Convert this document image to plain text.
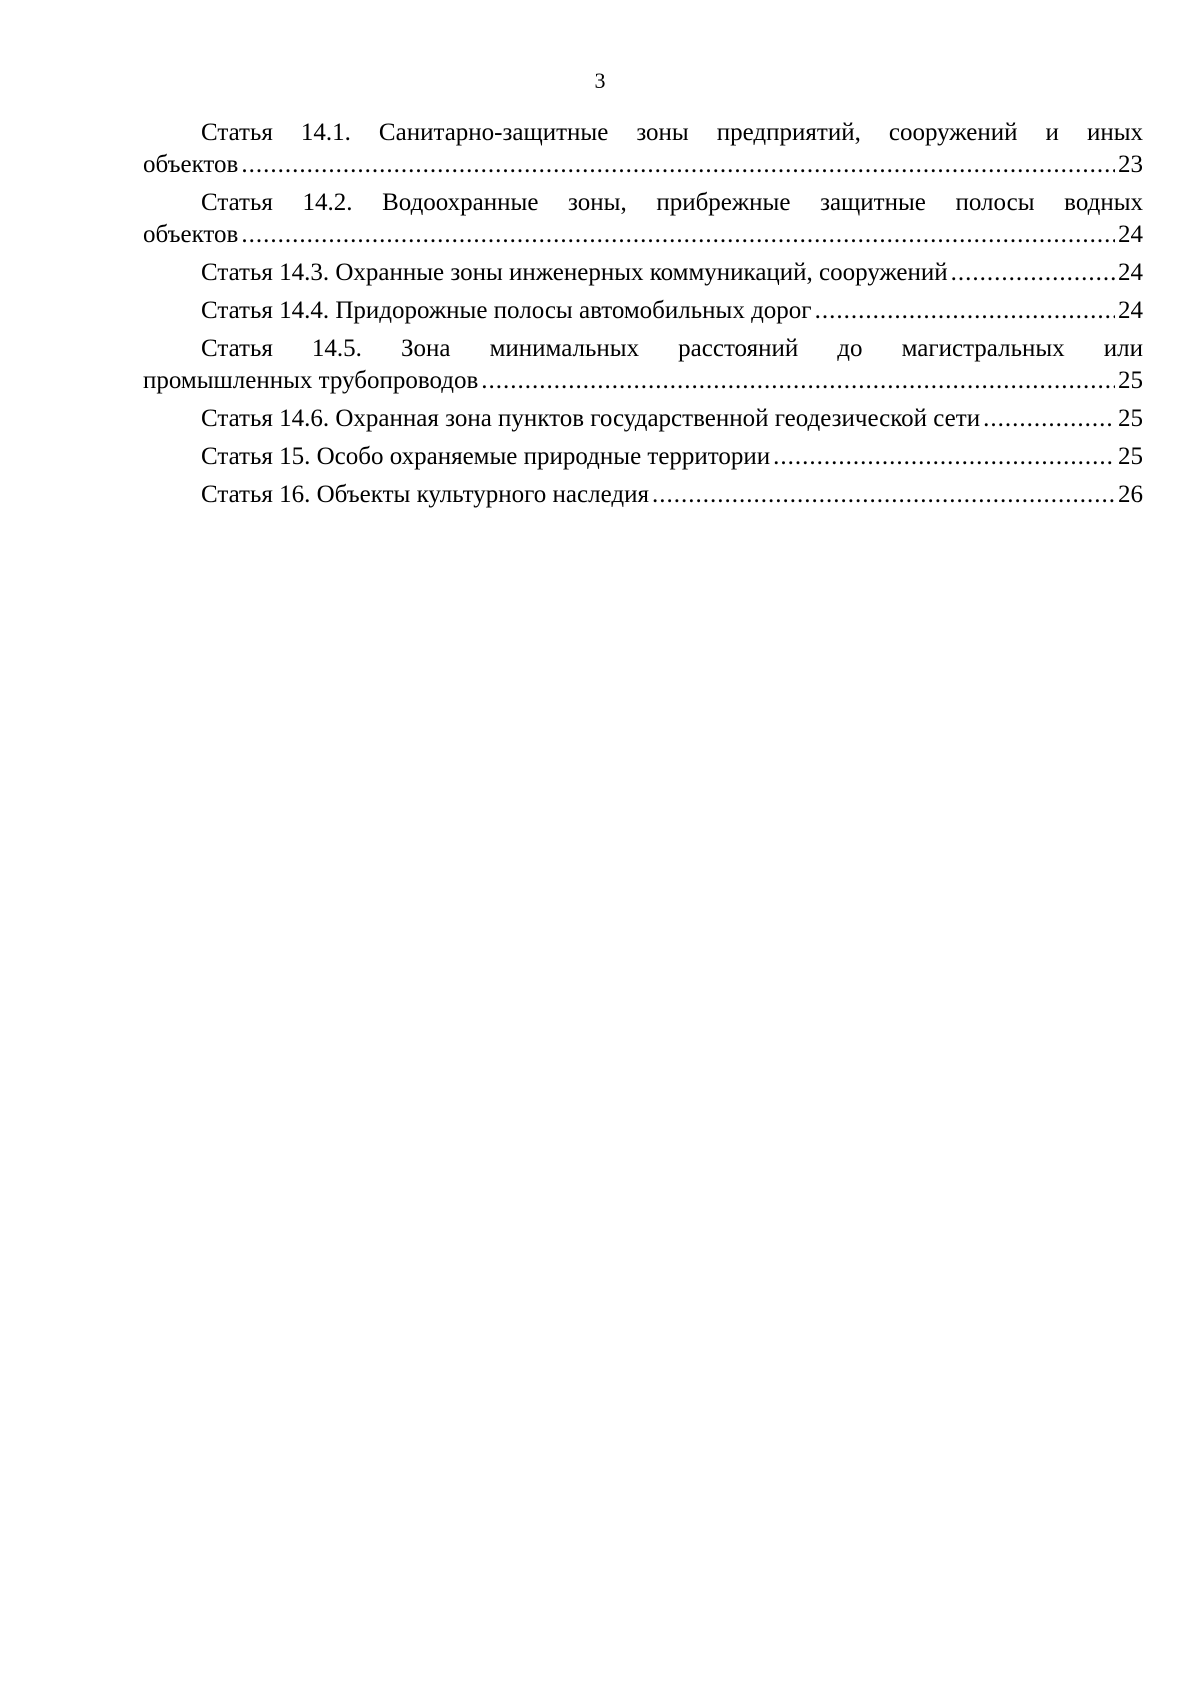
3
Статья 14.1. Санитарно-защитные зоны предприятий, сооружений и иных
объектов .....	23
Статья 14.2. Водоохранные зоны, прибрежные защитные полосы водных
объектов .....	24
Статья 14.3. Охранные зоны инженерных коммуникаций, сооружений .....	24
Статья 14.4. Придорожные полосы автомобильных дорог .....	24
Статья 14.5. Зона минимальных расстояний до магистральных или
промышленных трубопроводов .....	25
Статья 14.6. Охранная зона пунктов государственной геодезической сети .....	25
Статья 15. Особо охраняемые природные территории .....	25
Статья 16. Объекты культурного наследия .....	26
